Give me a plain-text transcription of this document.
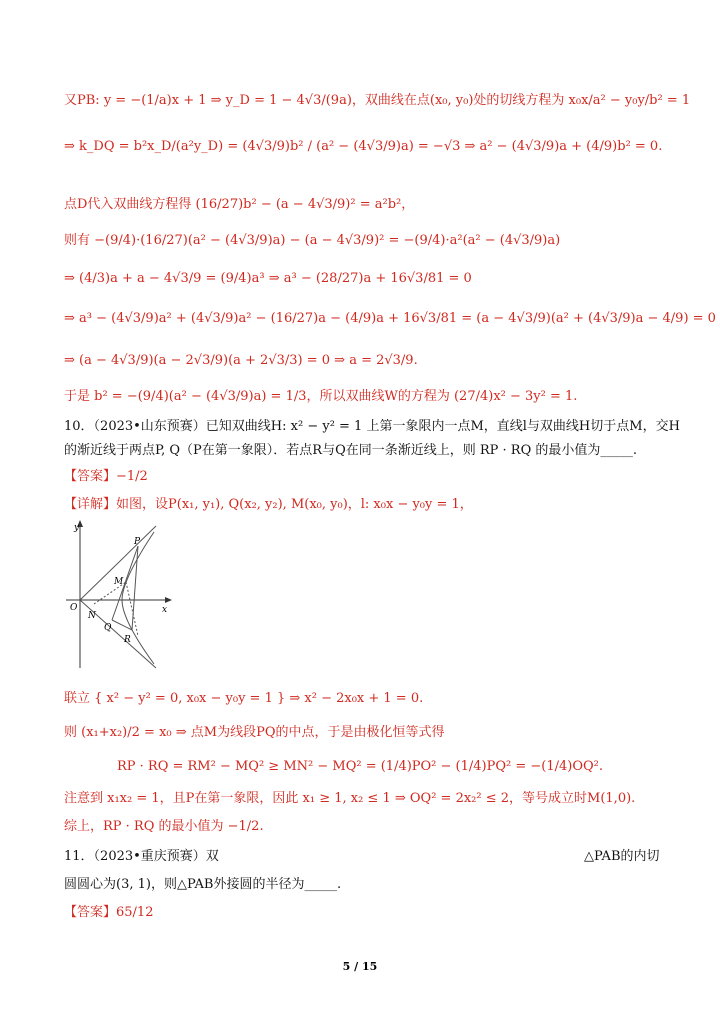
又PB: y = −(1/a)x + 1 ⇒ y_D = 1 − 4√3/(9a)，双曲线在点(x₀, y₀)处的切线方程为 x₀x/a² − y₀y/b² = 1
⇒ k_DQ = b²x_D/(a²y_D) = (4√3/9)b² / (a² − (4√3/9)a) = −√3 ⇒ a² − (4√3/9)a + (4/9)b² = 0.
点D代入双曲线方程得 (16/27)b² − (a − 4√3/9)² = a²b²，
则有 −(9/4)·(16/27)(a² − (4√3/9)a) − (a − 4√3/9)² = −(9/4)·a²(a² − (4√3/9)a)
⇒ (4/3)a + a − 4√3/9 = (9/4)a³ ⇒ a³ − (28/27)a + 16√3/81 = 0
⇒ a³ − (4√3/9)a² + (4√3/9)a² − (16/27)a − (4/9)a + 16√3/81 = (a − 4√3/9)(a² + (4√3/9)a − 4/9) = 0
⇒ (a − 4√3/9)(a − 2√3/9)(a + 2√3/3) = 0 ⇒ a = 2√3/9.
于是 b² = −(9/4)(a² − (4√3/9)a) = 1/3，所以双曲线W的方程为 (27/4)x² − 3y² = 1.
10．（2023•山东预赛）已知双曲线H: x² − y² = 1 上第一象限内一点M，直线l与双曲线H切于点M，交H
的渐近线于两点P, Q（P在第一象限）．若点R与Q在同一条渐近线上，则 RP · RQ 的最小值为_____.
【答案】−1/2
【详解】如图，设P(x₁, y₁), Q(x₂, y₂), M(x₀, y₀)，l: x₀x − y₀y = 1，
y
x
O
P
M
N
Q
R
联立 { x² − y² = 0, x₀x − y₀y = 1 } ⇒ x² − 2x₀x + 1 = 0.
则 (x₁+x₂)/2 = x₀ ⇒ 点M为线段PQ的中点，于是由极化恒等式得
RP · RQ = RM² − MQ² ≥ MN² − MQ² = (1/4)PO² − (1/4)PQ² = −(1/4)OQ².
注意到 x₁x₂ = 1，且P在第一象限，因此 x₁ ≥ 1, x₂ ≤ 1 ⇒ OQ² = 2x₂² ≤ 2，等号成立时M(1,0).
综上，RP · RQ 的最小值为 −1/2.
11．（2023•重庆预赛）双	△PAB的内切
圆圆心为(3, 1)，则△PAB外接圆的半径为_____.
【答案】65/12
5 / 15
